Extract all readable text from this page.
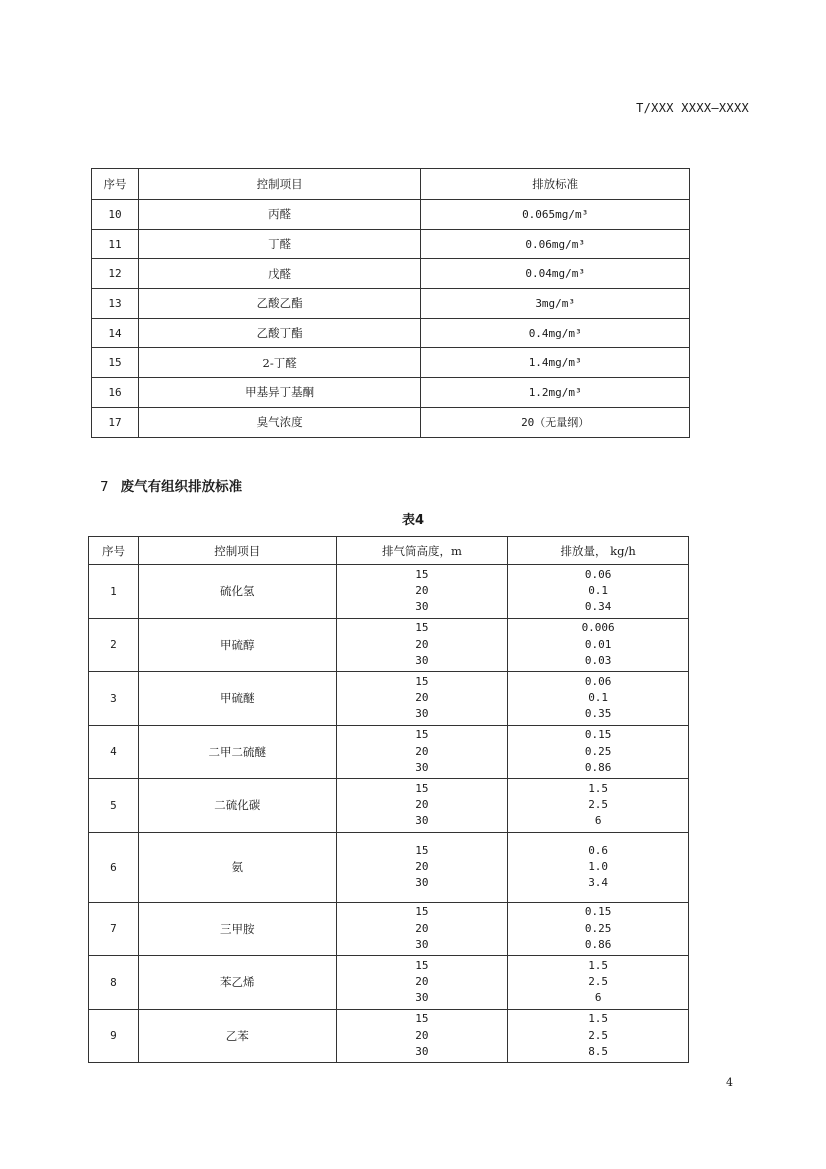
T/XXX XXXX—XXXX
序号	控制项目	排放标准
10	丙醛	0.065mg/m³
11	丁醛	0.06mg/m³
12	戊醛	0.04mg/m³
13	乙酸乙酯	3mg/m³
14	乙酸丁酯	0.4mg/m³
15	2-丁醛	1.4mg/m³
16	甲基异丁基酮	1.2mg/m³
17	臭气浓度	20（无量纲）
7 废气有组织排放标准
表4
序号	控制项目	排气筒高度，m	排放量， kg/h
1	硫化氢	15
20
30	0.06
0.1
0.34

2	甲硫醇	15
20
30	0.006
0.01
0.03

3	甲硫醚	15
20
30	0.06
0.1
0.35

4	二甲二硫醚	15
20
30	0.15
0.25
0.86

5	二硫化碳	15
20
30	1.5
2.5
6

6	氨	15
20
30	0.6
1.0
3.4

7	三甲胺	15
20
30	0.15
0.25
0.86

8	苯乙烯	15
20
30	1.5
2.5
6

9	乙苯	15
20
30	1.5
2.5
8.5
4
